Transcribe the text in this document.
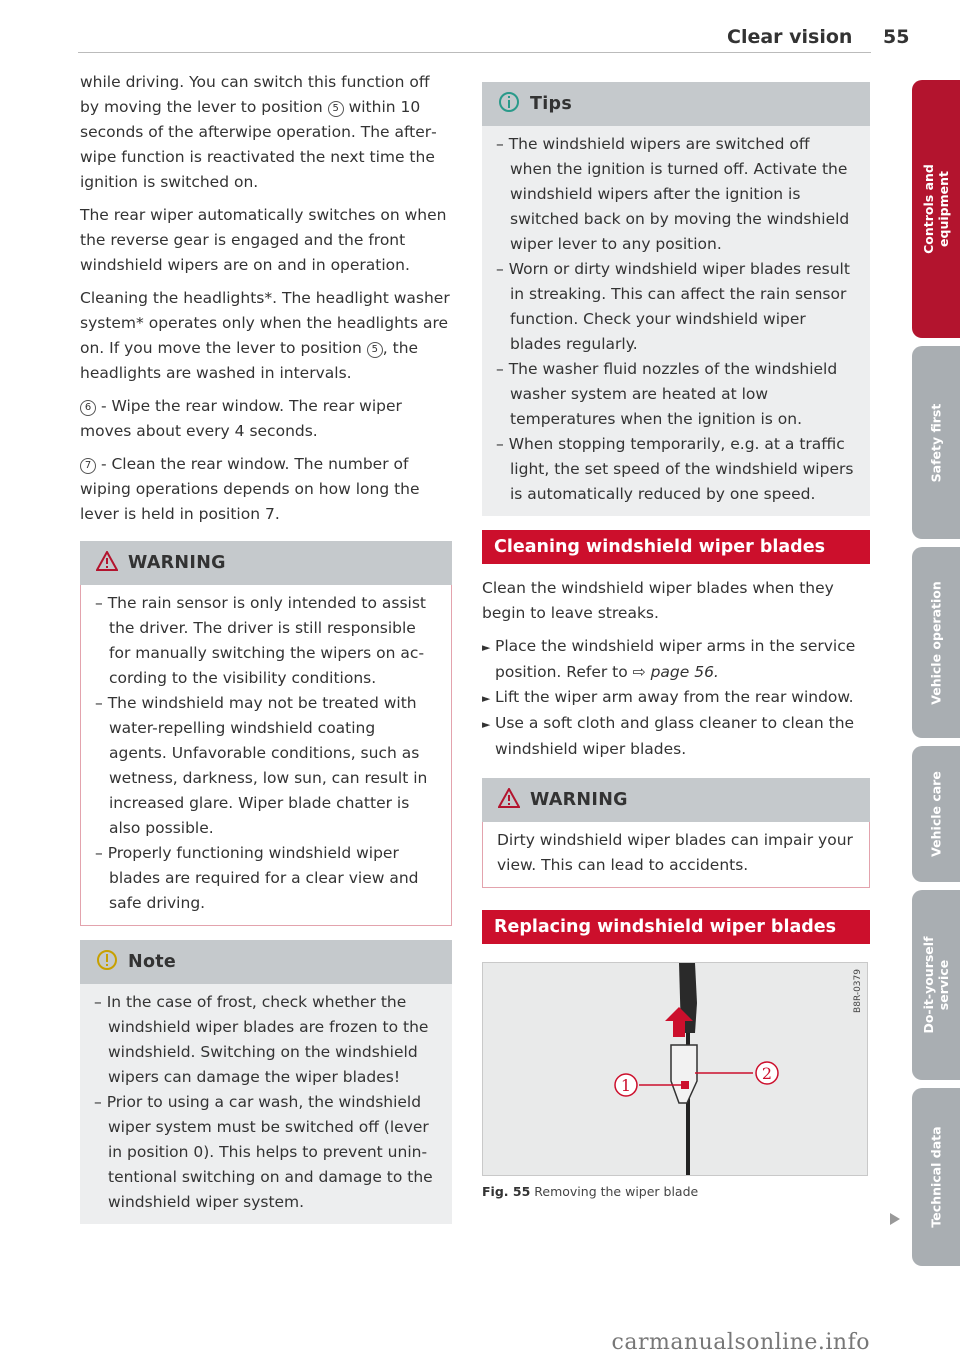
Clear vision 55

while driving. You can switch this function off by moving the lever to position 5 within 10 seconds of the afterwipe operation. The afterwipe function is reactivated the next time the ignition is switched on.

The rear wiper automatically switches on when the reverse gear is engaged and the front windshield wipers are on and in operation.

Cleaning the headlights*. The headlight washer system* operates only when the headlights are on. If you move the lever to position 5 , the headlights are washed in intervals.

6 - Wipe the rear window. The rear wiper moves about every 4 seconds.

7 - Clean the rear window. The number of wiping operations depends on how long the lever is held in position 7.

WARNING
– The rain sensor is only intended to assist the driver. The driver is still responsible for manually switching the wipers on according to the visibility conditions.
– The windshield may not be treated with water-repelling windshield coating agents. Unfavorable conditions, such as wetness, darkness, low sun, can result in increased glare. Wiper blade chatter is also possible.
– Properly functioning windshield wiper blades are required for a clear view and safe driving.
Note
– In the case of frost, check whether the windshield wiper blades are frozen to the windshield. Switching on the windshield wipers can damage the wiper blades!
– Prior to using a car wash, the windshield wiper system must be switched off (lever in position 0). This helps to prevent unintentional switching on and damage to the windshield wiper system.
Tips
– The windshield wipers are switched off when the ignition is turned off. Activate the windshield wipers after the ignition is switched back on by moving the windshield wiper lever to any position.
– Worn or dirty windshield wiper blades result in streaking. This can affect the rain sensor function. Check your windshield wiper blades regularly.
– The washer fluid nozzles of the windshield washer system are heated at low temperatures when the ignition is on.
– When stopping temporarily, e.g. at a traffic light, the set speed of the windshield wipers is automatically reduced by one speed.
Cleaning windshield wiper blades

Clean the windshield wiper blades when they begin to leave streaks.

► Place the windshield wiper arms in the service position. Refer to ⇨ page 56.
► Lift the wiper arm away from the rear window.
► Use a soft cloth and glass cleaner to clean the windshield wiper blades.
WARNING

Dirty windshield wiper blades can impair your view. This can lead to accidents.

Replacing windshield wiper blades
B8R-0379
2
1
Fig. 55 Removing the wiper blade
Controls and equipment
Safety first
Vehicle operation
Vehicle care
Do-it-yourself service
Technical data
carmanualsonline.info
